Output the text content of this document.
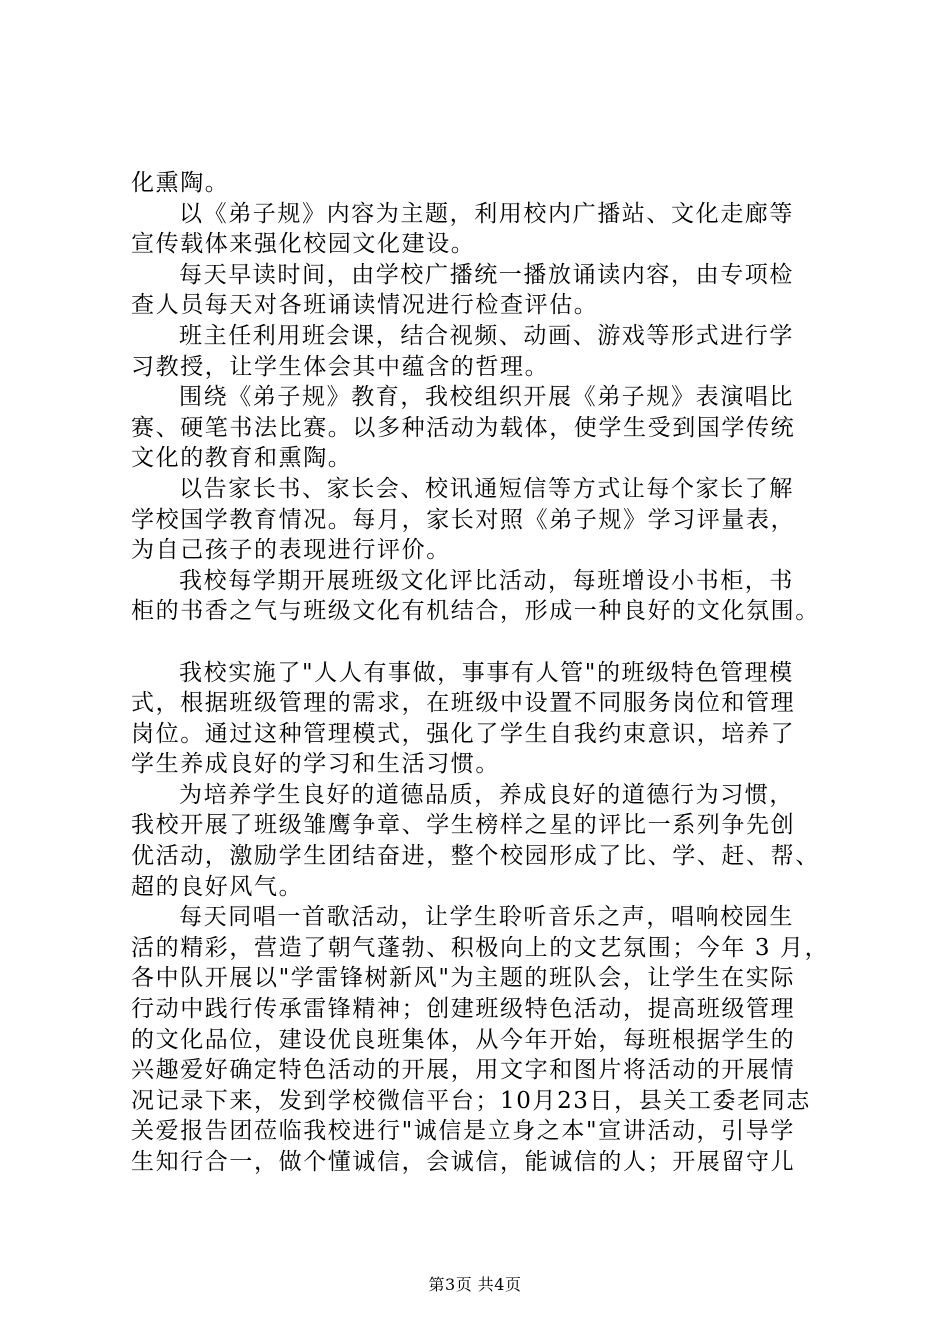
化熏陶。
以《弟子规》内容为主题，利用校内广播站、文化走廊等
宣传载体来强化校园文化建设。
每天早读时间，由学校广播统一播放诵读内容，由专项检
查人员每天对各班诵读情况进行检查评估。
班主任利用班会课，结合视频、动画、游戏等形式进行学
习教授，让学生体会其中蕴含的哲理。
围绕《弟子规》教育，我校组织开展《弟子规》表演唱比
赛、硬笔书法比赛。以多种活动为载体，使学生受到国学传统
文化的教育和熏陶。
以告家长书、家长会、校讯通短信等方式让每个家长了解
学校国学教育情况。每月，家长对照《弟子规》学习评量表，
为自己孩子的表现进行评价。
我校每学期开展班级文化评比活动，每班增设小书柜，书
柜的书香之气与班级文化有机结合，形成一种良好的文化氛围。
我校实施了"人人有事做，事事有人管"的班级特色管理模
式，根据班级管理的需求，在班级中设置不同服务岗位和管理
岗位。通过这种管理模式，强化了学生自我约束意识，培养了
学生养成良好的学习和生活习惯。
为培养学生良好的道德品质，养成良好的道德行为习惯，
我校开展了班级雏鹰争章、学生榜样之星的评比一系列争先创
优活动，激励学生团结奋进，整个校园形成了比、学、赶、帮、
超的良好风气。
每天同唱一首歌活动，让学生聆听音乐之声，唱响校园生
活的精彩，营造了朝气蓬勃、积极向上的文艺氛围；今年 3 月，
各中队开展以"学雷锋树新风"为主题的班队会，让学生在实际
行动中践行传承雷锋精神；创建班级特色活动，提高班级管理
的文化品位，建设优良班集体，从今年开始，每班根据学生的
兴趣爱好确定特色活动的开展，用文字和图片将活动的开展情
况记录下来，发到学校微信平台；10月23日，县关工委老同志
关爱报告团莅临我校进行"诚信是立身之本"宣讲活动，引导学
生知行合一，做个懂诚信，会诚信，能诚信的人；开展留守儿
第3页 共4页
